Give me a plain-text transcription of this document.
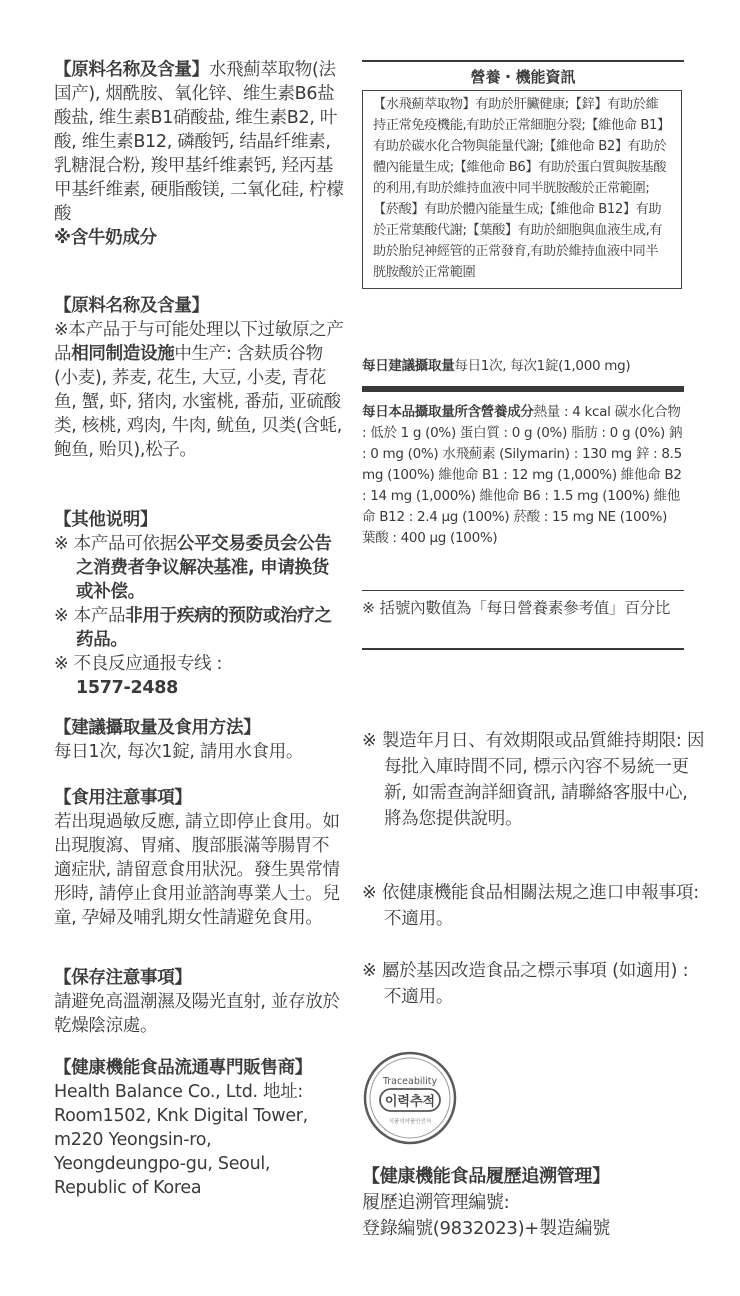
【原料名称及含量】水飛薊萃取物(法国产), 烟酰胺、氧化锌、维生素B6盐酸盐, 维生素B1硝酸盐, 维生素B2, 叶酸, 维生素B12, 磷酸钙, 结晶纤维素, 乳糖混合粉, 羧甲基纤维素钙, 羟丙基甲基纤维素, 硬脂酸镁, 二氧化硅, 柠檬酸

※含牛奶成分

【原料名称及含量】

※本产品于与可能处理以下过敏原之产品相同制造设施中生产: 含麸质谷物(小麦), 荞麦, 花生, 大豆, 小麦, 青花鱼, 蟹, 虾, 猪肉, 水蜜桃, 番茄, 亚硫酸类, 核桃, 鸡肉, 牛肉, 鱿鱼, 贝类(含蚝, 鲍鱼, 贻贝),松子。

【其他说明】

※ 本产品可依据公平交易委员会公告之消费者争议解决基准, 申请换货或补偿。

※ 本产品非用于疾病的预防或治疗之药品。

※ 不良反应通报专线 :

1577-2488

【建議攝取量及食用方法】

每日1次, 每次1錠, 請用水食用。

【食用注意事項】

若出現過敏反應, 請立即停止食用。如出現腹瀉、胃痛、腹部脹滿等腸胃不適症狀, 請留意食用狀況。發生異常情形時, 請停止食用並諮詢專業人士。兒童, 孕婦及哺乳期女性請避免食用。

【保存注意事項】

請避免高溫潮濕及陽光直射, 並存放於乾燥陰涼處。

【健康機能食品流通專門販售商】

Health Balance Co., Ltd. 地址: Room1502, Knk Digital Tower, m220 Yeongsin-ro, Yeongdeungpo-gu, Seoul, Republic of Korea

營養・機能資訊
【水飛薊萃取物】有助於肝臟健康;【鋅】有助於維持正常免疫機能,有助於正常細胞分裂;【維他命 B1】有助於碳水化合物與能量代謝;【維他命 B2】有助於體內能量生成;【維他命 B6】有助於蛋白質與胺基酸的利用,有助於維持血液中同半胱胺酸於正常範圍;【菸酸】有助於體內能量生成;【維他命 B12】有助於正常葉酸代謝;【葉酸】有助於細胞與血液生成,有助於胎兒神經管的正常發育,有助於維持血液中同半胱胺酸於正常範圍
每日建議攝取量每日1次, 每次1錠(1,000 mg)
每日本品攝取量所含營養成分熱量 : 4 kcal 碳水化合物 : 低於 1 g (0%) 蛋白質 : 0 g (0%) 脂肪 : 0 g (0%) 鈉 : 0 mg (0%) 水飛薊素 (Silymarin) : 130 mg 鋅 : 8.5 mg (100%) 維他命 B1 : 12 mg (1,000%) 維他命 B2 : 14 mg (1,000%) 維他命 B6 : 1.5 mg (100%) 維他命 B12 : 2.4 μg (100%) 菸酸 : 15 mg NE (100%) 葉酸 : 400 μg (100%)
※ 括號內數值為「每日營養素參考值」百分比
※ 製造年月日、有效期限或品質維持期限: 因每批入庫時間不同, 標示內容不易統一更新, 如需查詢詳細資訊, 請聯絡客服中心, 將為您提供說明。
※ 依健康機能食品相關法規之進口申報事項: 不適用。
※ 屬於基因改造食品之標示事項 (如適用) : 不適用。
Traceability
이력추적
식품의약품안전처

【健康機能食品履歷追溯管理】

履歷追溯管理編號:

登錄編號(9832023)+製造編號
